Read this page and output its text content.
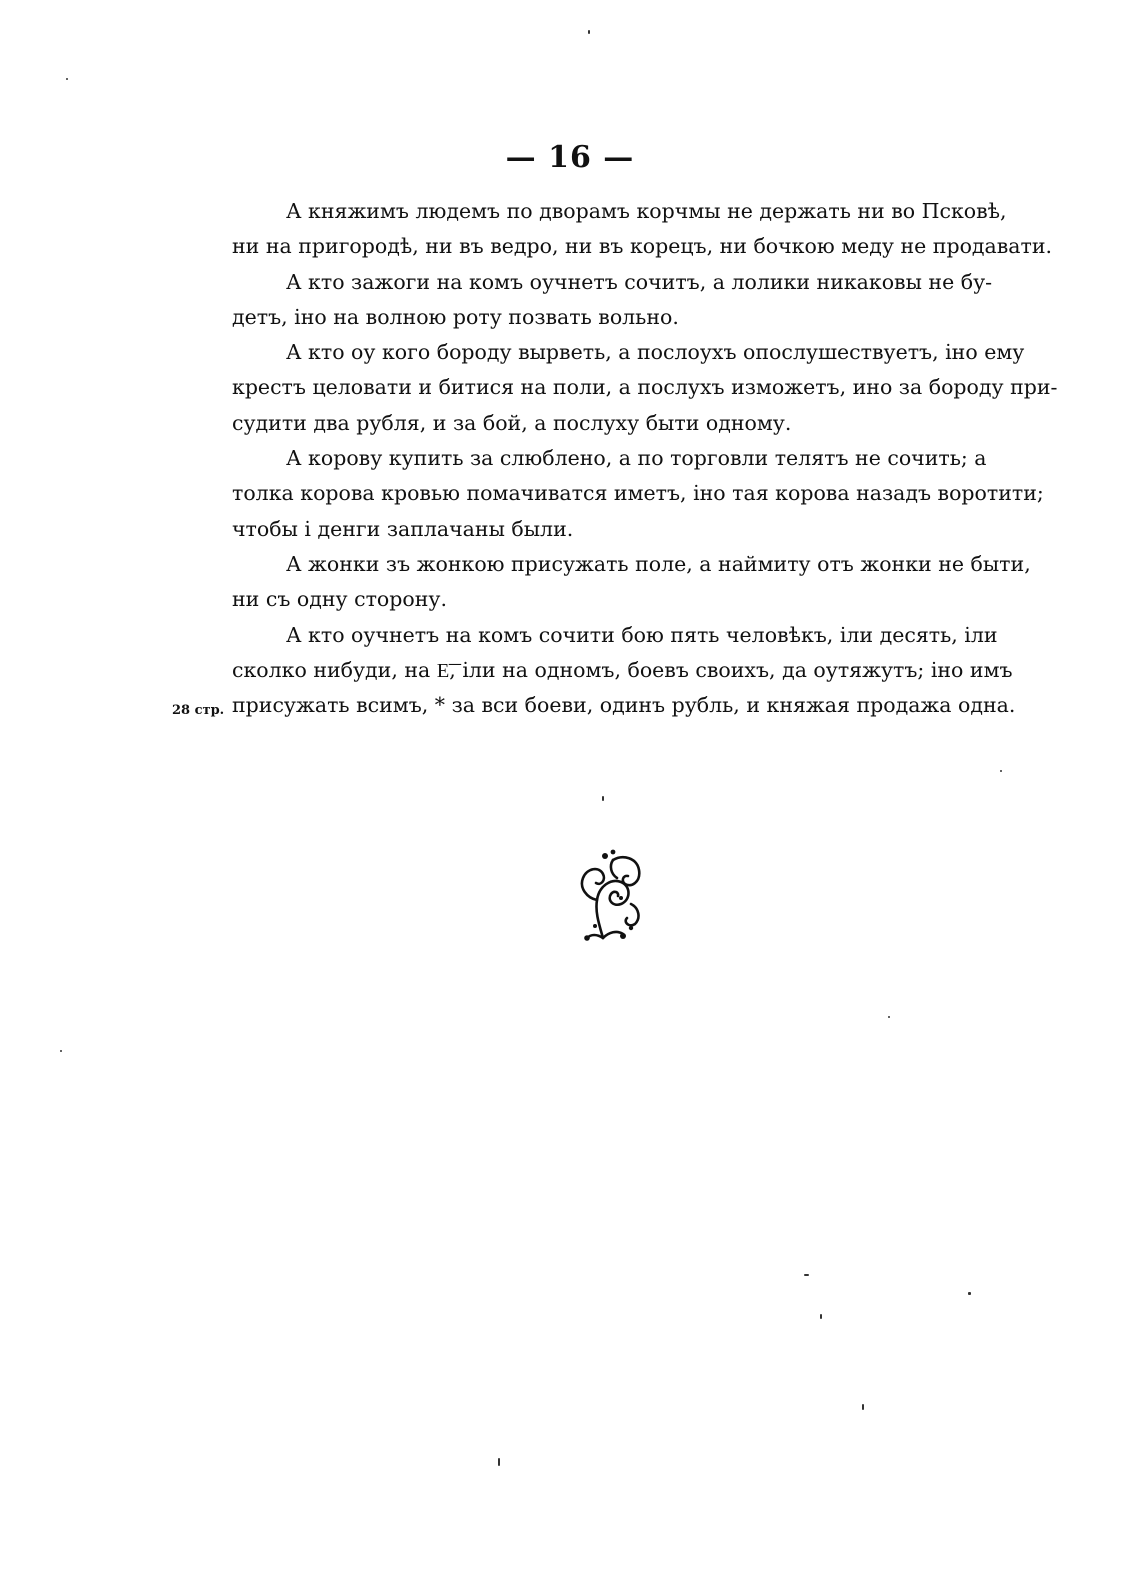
— 16 —
А княжимъ людемъ по дворамъ корчмы не держать ни во Псковѣ,
ни на пригородѣ, ни въ ведро, ни въ корецъ, ни бочкою меду не продавати.
А кто зажоги на комъ оучнетъ сочитъ, а лолики никаковы не бу-
детъ, іно на волною роту позвать вольно.
А кто оу кого бороду вырветь, а послоухъ опослушествуетъ, іно ему
крестъ целовати и битися на поли, а послухъ изможетъ, ино за бороду при-
судити два рубля, и за бой, а послуху быти одному.
А корову купить за слюблено, а по торговли телятъ не сочить; а
толка корова кровью помачиватся иметъ, іно тая корова назадъ воротити;
чтобы і денги заплачаны были.
А жонки зъ жонкою присужать поле, а наймиту отъ жонки не быти,
ни съ одну сторону.
А кто оучнетъ на комъ сочити бою пять человѣкъ, іли десять, іли
сколко нибуди, на Е͞, іли на одномъ, боевъ своихъ, да оутяжутъ; іно имъ
присужать всимъ, * за вси боеви, одинъ рубль, и княжая продажа одна.
28 стр.
